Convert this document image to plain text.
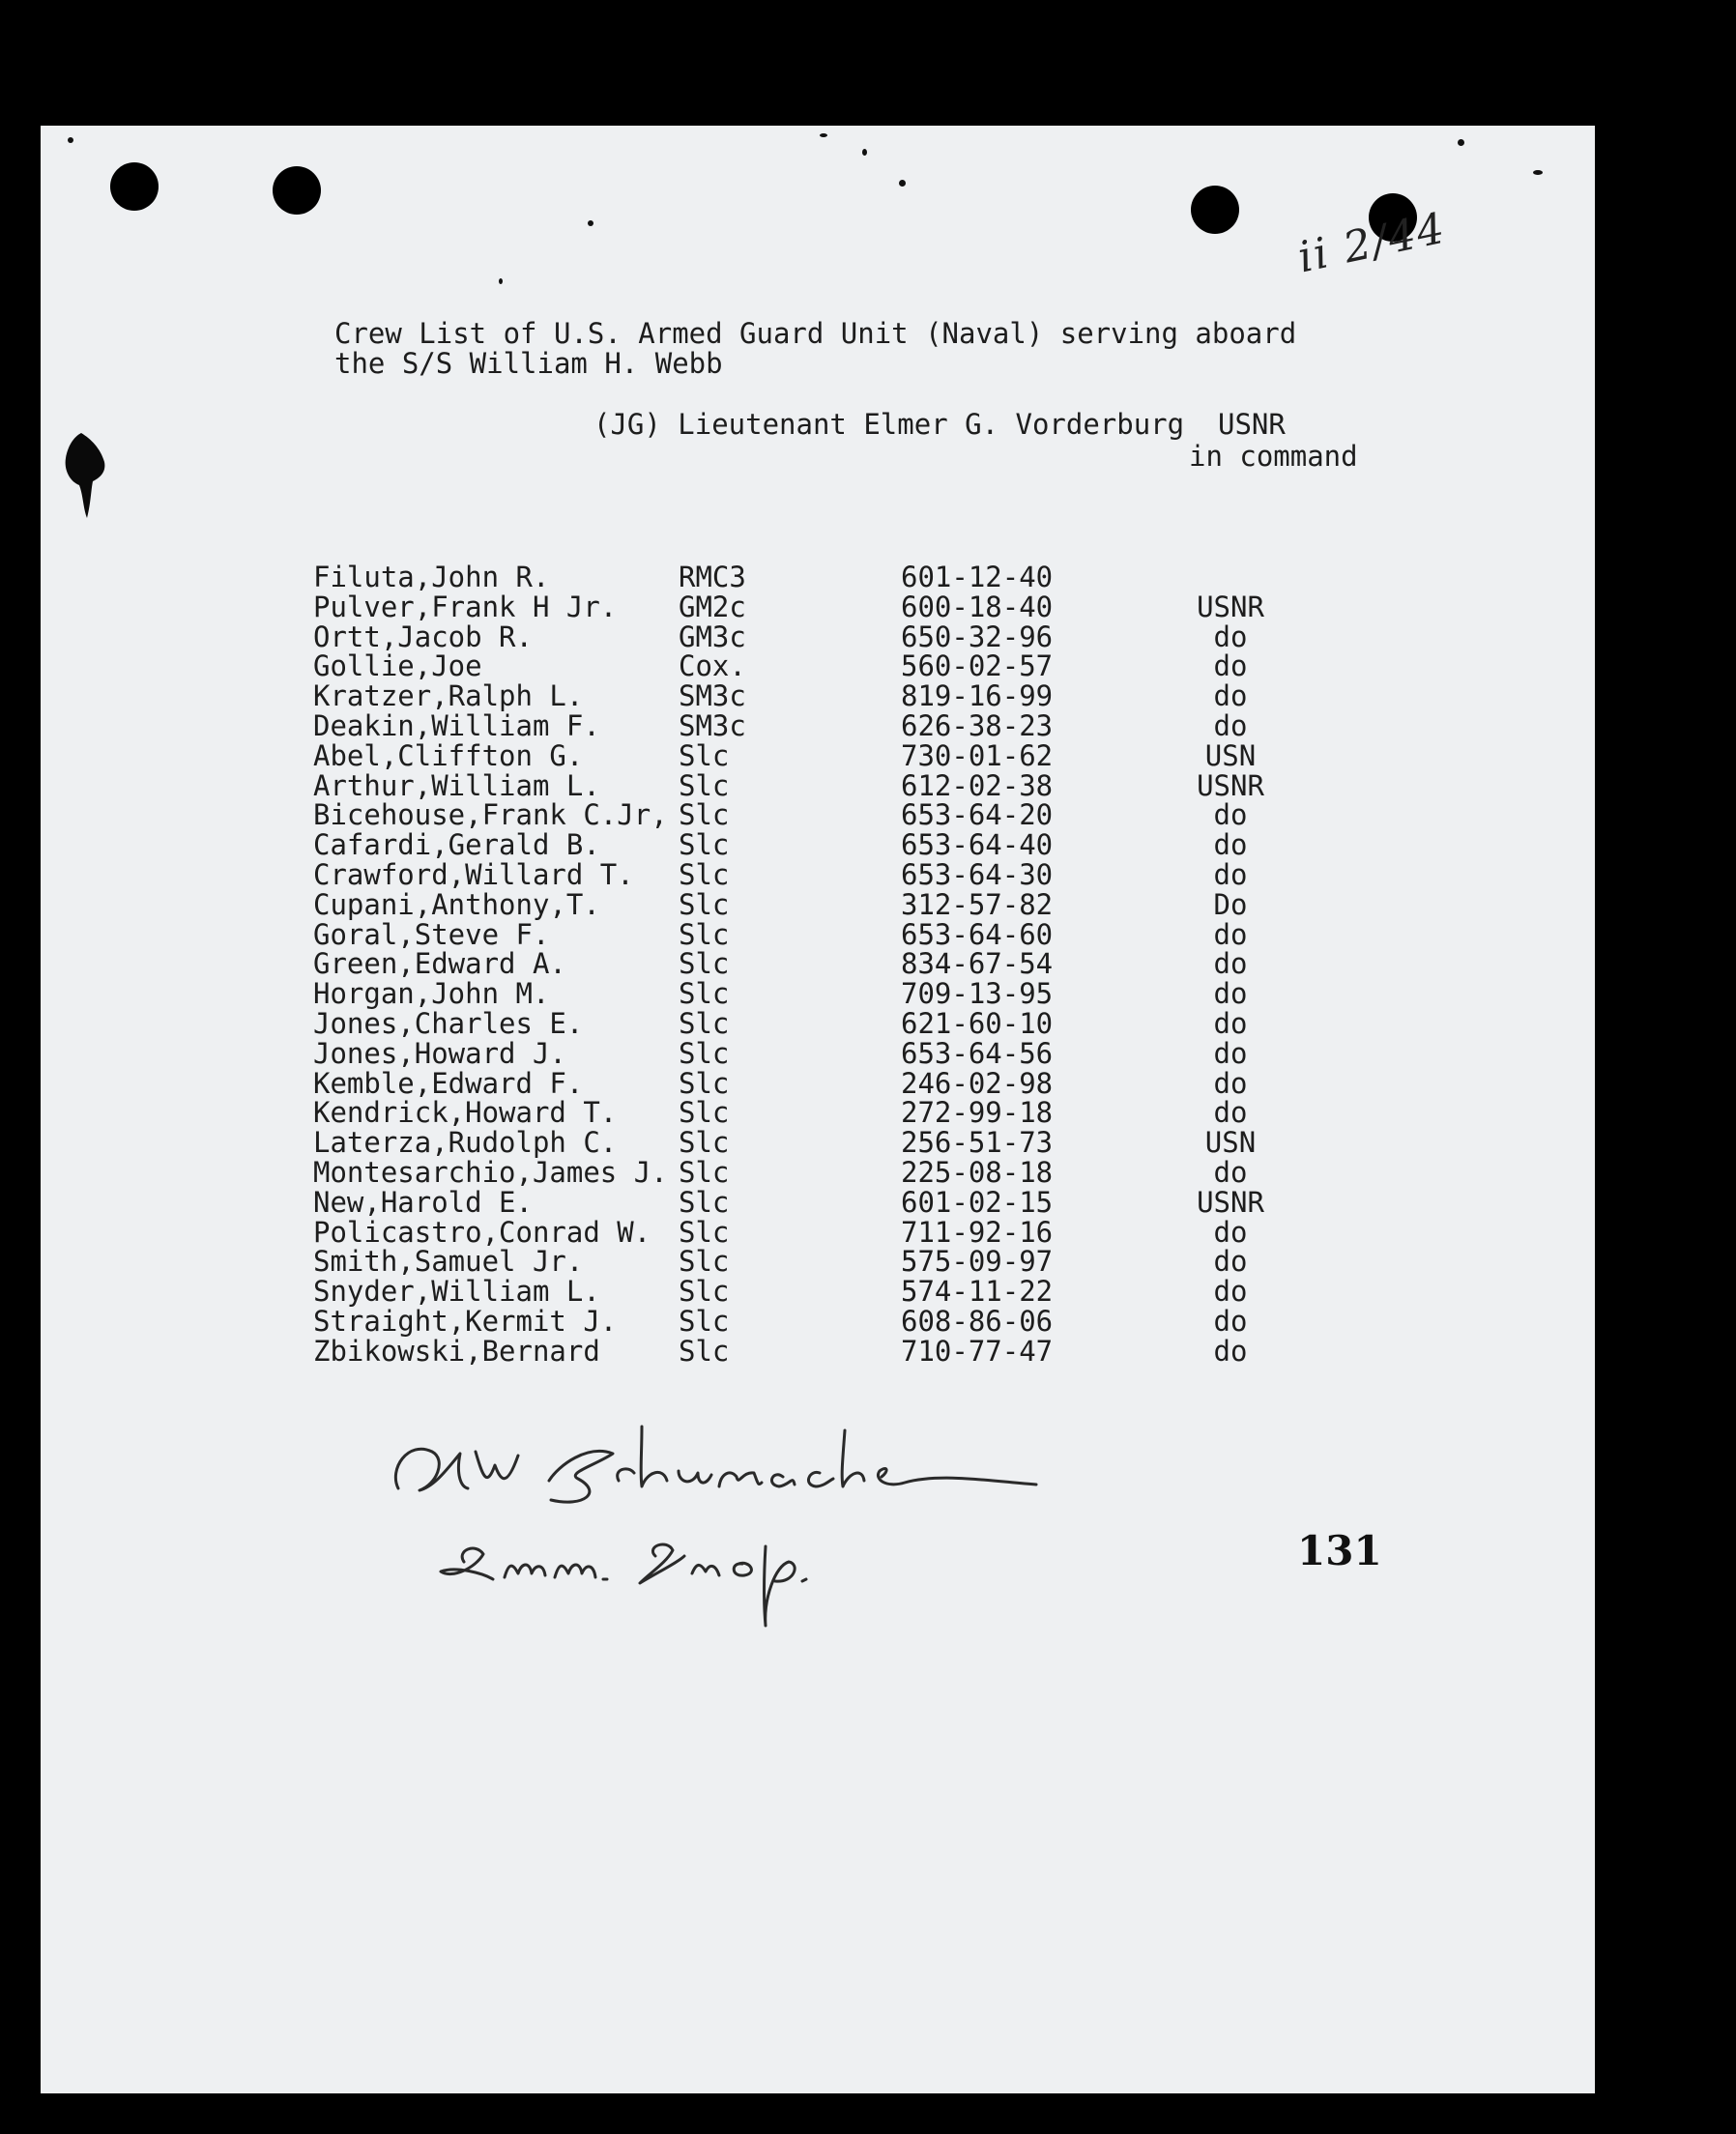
ii 2/44
Crew List of U.S. Armed Guard Unit (Naval) serving aboard
the S/S William H. Webb
(JG) Lieutenant Elmer G. Vorderburg  USNR
in command
Filuta,John R.	RMC3	601-12-40
Pulver,Frank H Jr. GM2c	600-18-40	USNR
Ortt,Jacob R.	GM3c	650-32-96	do
Gollie,Joe	Cox.	560-02-57	do
Kratzer,Ralph L.	SM3c	819-16-99	do
Deakin,William F.	SM3c	626-38-23	do
Abel,Cliffton G.	Slc	730-01-62	USN
Arthur,William L.	Slc	612-02-38	USNR
Bicehouse,Frank C.Jr, Slc	653-64-20	do
Cafardi,Gerald B.	Slc	653-64-40	do
Crawford,Willard T. Slc	653-64-30	do
Cupani,Anthony,T.	Slc	312-57-82	Do
Goral,Steve F.	Slc	653-64-60	do
Green,Edward A.	Slc	834-67-54	do
Horgan,John M.	Slc	709-13-95	do
Jones,Charles E.	Slc	621-60-10	do
Jones,Howard J.	Slc	653-64-56	do
Kemble,Edward F.	Slc	246-02-98	do
Kendrick,Howard T. Slc	272-99-18	do
Laterza,Rudolph C. Slc	256-51-73	USN
Montesarchio,James J. Slc	225-08-18	do
New,Harold E.	Slc	601-02-15	USNR
Policastro,Conrad W. Slc	711-92-16	do
Smith,Samuel Jr.	Slc	575-09-97	do
Snyder,William L.	Slc	574-11-22	do
Straight,Kermit J. Slc	608-86-06	do
Zbikowski,Bernard	Slc	710-77-47	do
131
